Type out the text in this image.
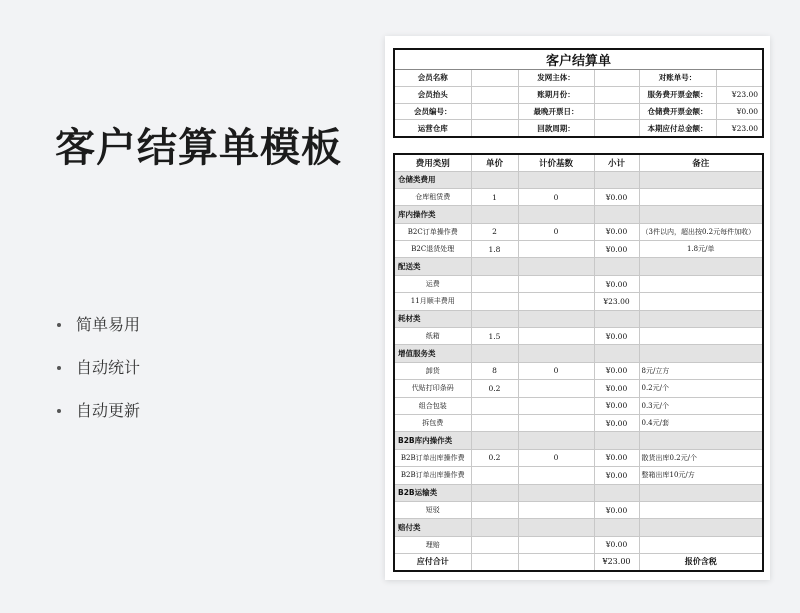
客户结算单模板
简单易用
自动统计
自动更新
客户结算单					
会员名称		发网主体：		对账单号：	
会员抬头		账期月份：		服务费开票金额：	¥23.00
会员编号：		最晚开票日：		仓储费开票金额：	¥0.00
运营仓库		回款周期：		本期应付总金额：	¥23.00
费用类别	单价	计价基数	小计	备注
仓储类费用				
仓库租赁费	1	0	¥0.00	
库内操作类				
B2C订单操作费	2	0	¥0.00	（3件以内，超出按0.2元每件加收）
B2C退货处理	1.8		¥0.00	1.8元/单
配送类				
运费			¥0.00	
11月顺丰费用			¥23.00	
耗材类				
纸箱	1.5		¥0.00	
增值服务类				
卸货	8	0	¥0.00	8元/立方
代贴打印条码	0.2		¥0.00	0.2元/个
组合包装			¥0.00	0.3元/个
拆包费			¥0.00	0.4元/套
B2B库内操作类				
B2B订单出库操作费	0.2	0	¥0.00	散货出库0.2元/个
B2B订单出库操作费			¥0.00	整箱出库10元/方
B2B运输类				
短驳			¥0.00	
赔付类				
理赔			¥0.00	
应付合计			¥23.00	报价含税
